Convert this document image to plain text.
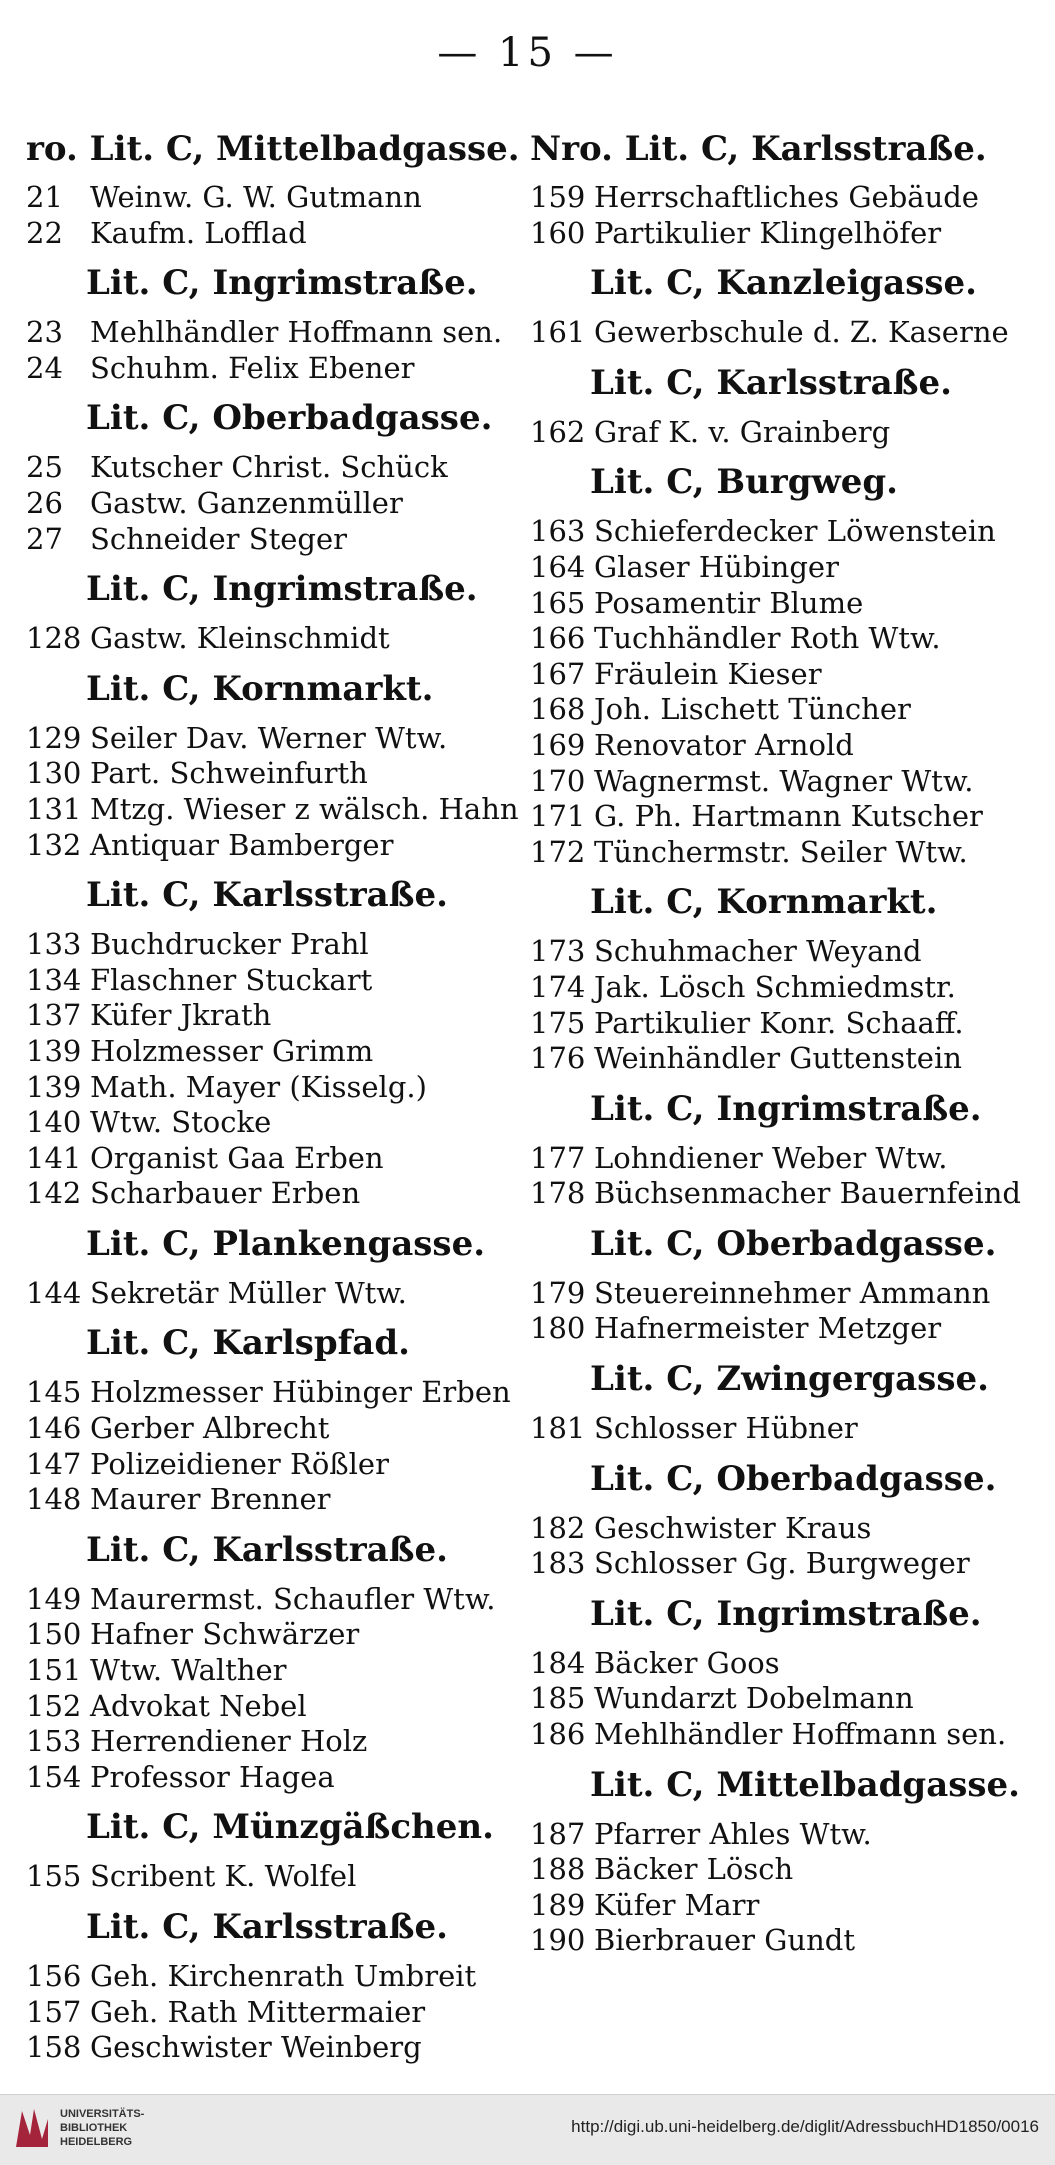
— 15 —
ro. Lit. C, Mittelbadgasse.
21 Weinw. G. W. Gutmann
22 Kaufm. Lofflad
Lit. C, Ingrimstraße.
23 Mehlhändler Hoffmann sen.
24 Schuhm. Felix Ebener
Lit. C, Oberbadgasse.
25 Kutscher Christ. Schück
26 Gastw. Ganzenmüller
27 Schneider Steger
Lit. C, Ingrimstraße.
128 Gastw. Kleinschmidt
Lit. C, Kornmarkt.
129 Seiler Dav. Werner Wtw.
130 Part. Schweinfurth
131 Mtzg. Wieser z wälsch. Hahn
132 Antiquar Bamberger
Lit. C, Karlsstraße.
133 Buchdrucker Prahl
134 Flaschner Stuckart
137 Küfer Jkrath
139 Holzmesser Grimm
139 Math. Mayer (Kisselg.)
140 Wtw. Stocke
141 Organist Gaa Erben
142 Scharbauer Erben
Lit. C, Plankengasse.
144 Sekretär Müller Wtw.
Lit. C, Karlspfad.
145 Holzmesser Hübinger Erben
146 Gerber Albrecht
147 Polizeidiener Rößler
148 Maurer Brenner
Lit. C, Karlsstraße.
149 Maurermst. Schaufler Wtw.
150 Hafner Schwärzer
151 Wtw. Walther
152 Advokat Nebel
153 Herrendiener Holz
154 Professor Hagea
Lit. C, Münzgäßchen.
155 Scribent K. Wolfel
Lit. C, Karlsstraße.
156 Geh. Kirchenrath Umbreit
157 Geh. Rath Mittermaier
158 Geschwister Weinberg
Nro. Lit. C, Karlsstraße.
159 Herrschaftliches Gebäude
160 Partikulier Klingelhöfer
Lit. C, Kanzleigasse.
161 Gewerbschule d. Z. Kaserne
Lit. C, Karlsstraße.
162 Graf K. v. Grainberg
Lit. C, Burgweg.
163 Schieferdecker Löwenstein
164 Glaser Hübinger
165 Posamentir Blume
166 Tuchhändler Roth Wtw.
167 Fräulein Kieser
168 Joh. Lischett Tüncher
169 Renovator Arnold
170 Wagnermst. Wagner Wtw.
171 G. Ph. Hartmann Kutscher
172 Tünchermstr. Seiler Wtw.
Lit. C, Kornmarkt.
173 Schuhmacher Weyand
174 Jak. Lösch Schmiedmstr.
175 Partikulier Konr. Schaaff.
176 Weinhändler Guttenstein
Lit. C, Ingrimstraße.
177 Lohndiener Weber Wtw.
178 Büchsenmacher Bauernfeind
Lit. C, Oberbadgasse.
179 Steuereinnehmer Ammann
180 Hafnermeister Metzger
Lit. C, Zwingergasse.
181 Schlosser Hübner
Lit. C, Oberbadgasse.
182 Geschwister Kraus
183 Schlosser Gg. Burgweger
Lit. C, Ingrimstraße.
184 Bäcker Goos
185 Wundarzt Dobelmann
186 Mehlhändler Hoffmann sen.
Lit. C, Mittelbadgasse.
187 Pfarrer Ahles Wtw.
188 Bäcker Lösch
189 Küfer Marr
190 Bierbrauer Gundt
UNIVERSITÄTS-
BIBLIOTHEK
HEIDELBERG
http://digi.ub.uni-heidelberg.de/diglit/AdressbuchHD1850/0016
